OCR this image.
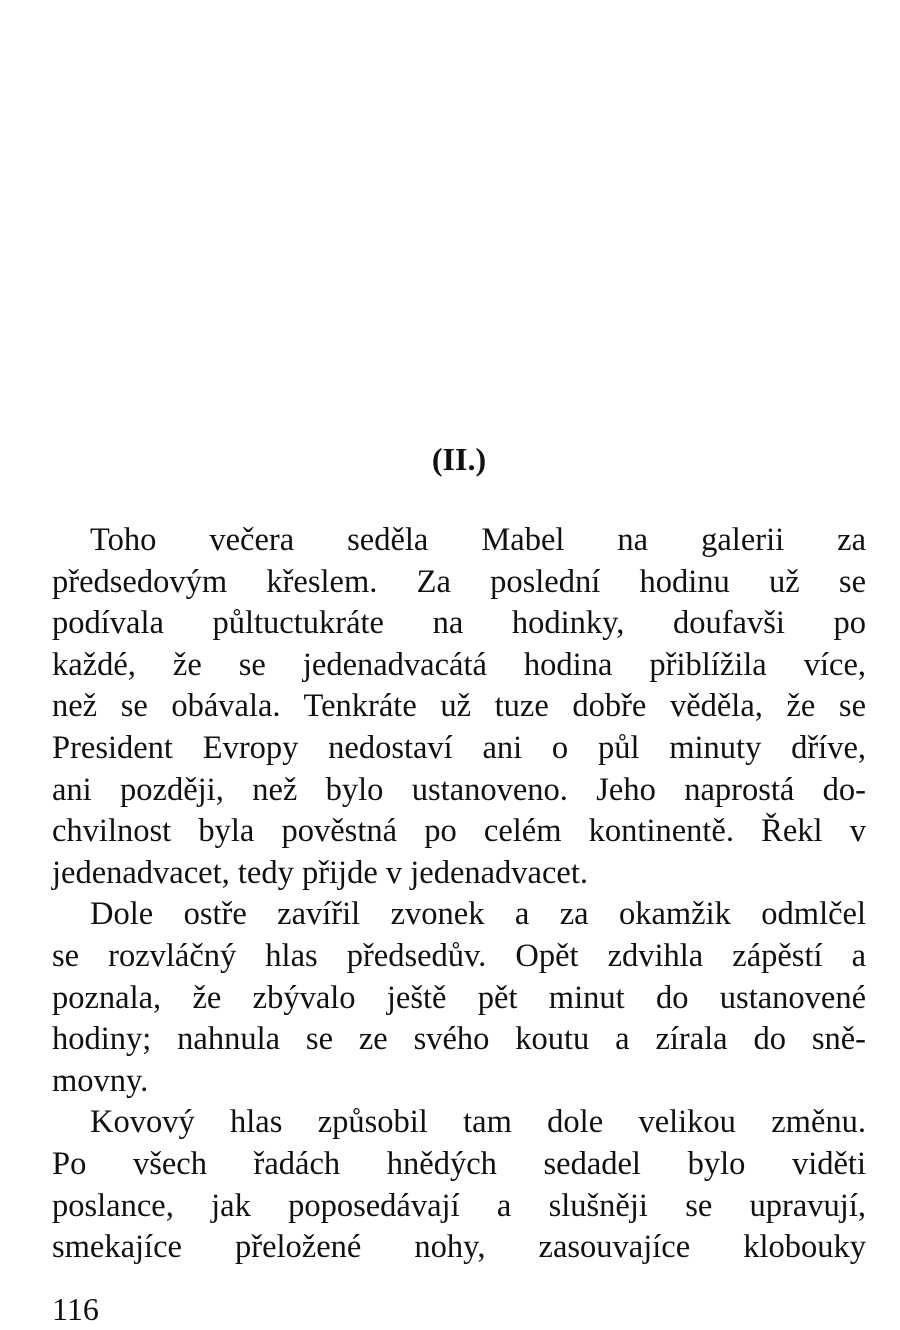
(II.)

Toho večera seděla Mabel na galerii za
předsedovým křeslem. Za poslední hodinu už se
podívala půltuctukráte na hodinky, doufavši po
každé, že se jedenadvacátá hodina přiblížila více,
než se obávala. Tenkráte už tuze dobře věděla, že se
President Evropy nedostaví ani o půl minuty dříve,
ani později, než bylo ustanoveno. Jeho naprostá do-
chvilnost byla pověstná po celém kontinentě. Řekl v
jedenadvacet, tedy přijde v jedenadvacet.

Dole ostře zavířil zvonek a za okamžik odmlčel
se rozvláčný hlas předsedův. Opět zdvihla zápěstí a
poznala, že zbývalo ještě pět minut do ustanovené
hodiny; nahnula se ze svého koutu a zírala do sně-
movny.

Kovový hlas způsobil tam dole velikou změnu.
Po všech řadách hnědých sedadel bylo viděti
poslance, jak poposedávají a slušněji se upravují,
smekajíce přeložené nohy, zasouvajíce klobouky

116
